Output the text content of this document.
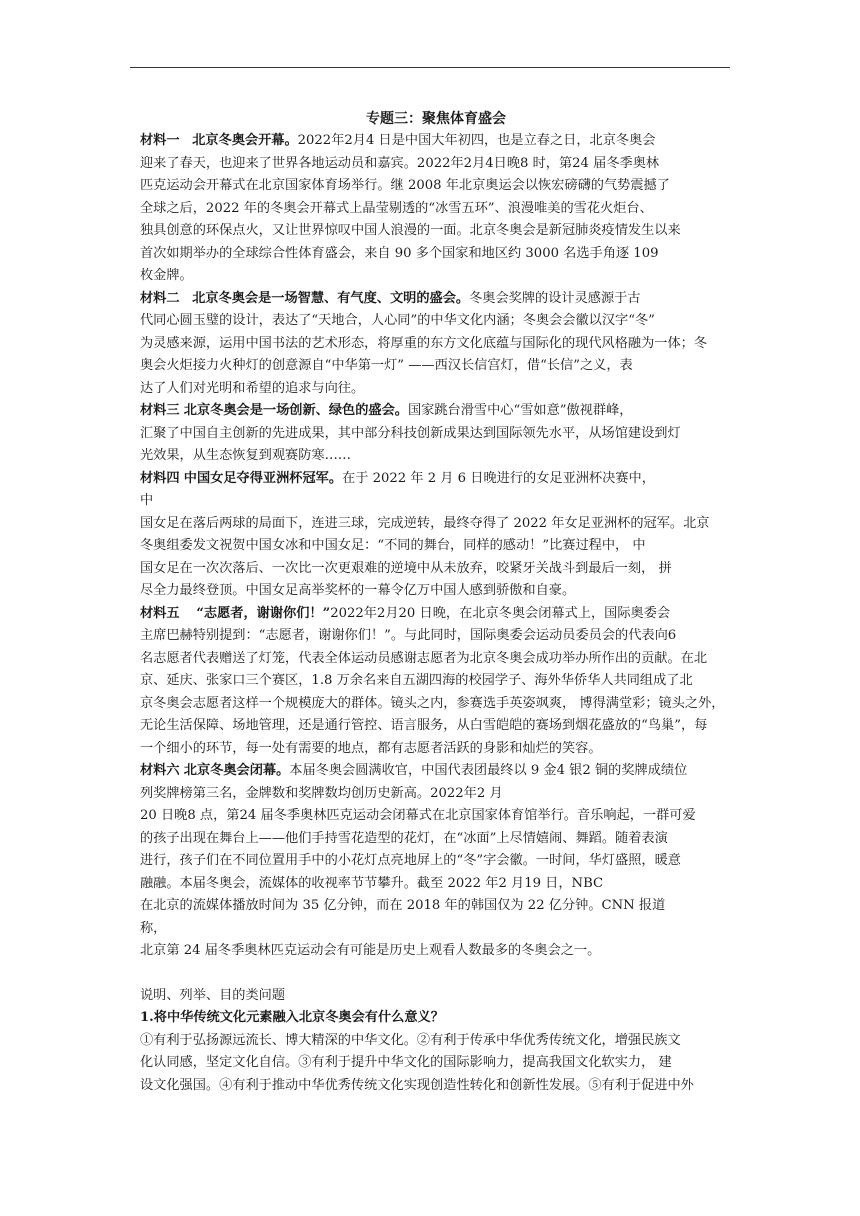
专题三：聚焦体育盛会
材料一 北京冬奥会开幕。2022年2月4 日是中国大年初四，也是立春之日，北京冬奥会
迎来了春天，也迎来了世界各地运动员和嘉宾。2022年2月4日晚8 时，第24 届冬季奥林
匹克运动会开幕式在北京国家体育场举行。继 2008 年北京奥运会以恢宏磅礴的气势震撼了
全球之后，2022 年的冬奥会开幕式上晶莹剔透的“冰雪五环”、浪漫唯美的雪花火炬台、
独具创意的环保点火，又让世界惊叹中国人浪漫的一面。北京冬奥会是新冠肺炎疫情发生以来
首次如期举办的全球综合性体育盛会，来自 90 多个国家和地区约 3000 名选手角逐 109
枚金牌。
材料二 北京冬奥会是一场智慧、有气度、文明的盛会。冬奥会奖牌的设计灵感源于古
代同心圆玉璧的设计，表达了“天地合，人心同”的中华文化内涵；冬奥会会徽以汉字“冬”
为灵感来源，运用中国书法的艺术形态，将厚重的东方文化底蕴与国际化的现代风格融为一体；冬
奥会火炬接力火种灯的创意源自“中华第一灯” ——西汉长信宫灯，借“长信”之义，表
达了人们对光明和希望的追求与向往。
材料三 北京冬奥会是一场创新、绿色的盛会。国家跳台滑雪中心“雪如意”傲视群峰，
汇聚了中国自主创新的先进成果，其中部分科技创新成果达到国际领先水平，从场馆建设到灯
光效果，从生态恢复到观赛防寒……
材料四 中国女足夺得亚洲杯冠军。在于 2022 年 2 月 6 日晚进行的女足亚洲杯决赛中，
中
国女足在落后两球的局面下，连进三球，完成逆转，最终夺得了 2022 年女足亚洲杯的冠军。北京
冬奥组委发文祝贺中国女冰和中国女足：“不同的舞台，同样的感动！”比赛过程中， 中
国女足在一次次落后、一次比一次更艰难的逆境中从未放弃，咬紧牙关战斗到最后一刻， 拼
尽全力最终登顶。中国女足高举奖杯的一幕令亿万中国人感到骄傲和自豪。
材料五 “志愿者，谢谢你们！”2022年2月20 日晚，在北京冬奥会闭幕式上，国际奥委会
主席巴赫特别提到：“志愿者，谢谢你们！”。与此同时，国际奥委会运动员委员会的代表向6
名志愿者代表赠送了灯笼，代表全体运动员感谢志愿者为北京冬奥会成功举办所作出的贡献。在北
京、延庆、张家口三个赛区，1.8 万余名来自五湖四海的校园学子、海外华侨华人共同组成了北
京冬奥会志愿者这样一个规模庞大的群体。镜头之内，参赛选手英姿飒爽， 博得满堂彩；镜头之外，
无论生活保障、场地管理，还是通行管控、语言服务，从白雪皑皑的赛场到烟花盛放的“鸟巢”，每
一个细小的环节，每一处有需要的地点，都有志愿者活跃的身影和灿烂的笑容。
材料六 北京冬奥会闭幕。本届冬奥会圆满收官，中国代表团最终以 9 金4 银2 铜的奖牌成绩位
列奖牌榜第三名，金牌数和奖牌数均创历史新高。2022年2 月
20 日晚8 点，第24 届冬季奥林匹克运动会闭幕式在北京国家体育馆举行。音乐响起，一群可爱
的孩子出现在舞台上——他们手持雪花造型的花灯，在“冰面”上尽情嬉闹、舞蹈。随着表演
进行，孩子们在不同位置用手中的小花灯点亮地屏上的“冬”字会徽。一时间，华灯盛照，暖意
融融。本届冬奥会，流媒体的收视率节节攀升。截至 2022 年2 月19 日，NBC
在北京的流媒体播放时间为 35 亿分钟，而在 2018 年的韩国仅为 22 亿分钟。CNN 报道
称，
北京第 24 届冬季奥林匹克运动会有可能是历史上观看人数最多的冬奥会之一。
说明、列举、目的类问题
1.将中华传统文化元素融入北京冬奥会有什么意义？
①有利于弘扬源远流长、博大精深的中华文化。②有利于传承中华优秀传统文化，增强民族文
化认同感，坚定文化自信。③有利于提升中华文化的国际影响力，提高我国文化软实力， 建
设文化强国。④有利于推动中华优秀传统文化实现创造性转化和创新性发展。⑤有利于促进中外
